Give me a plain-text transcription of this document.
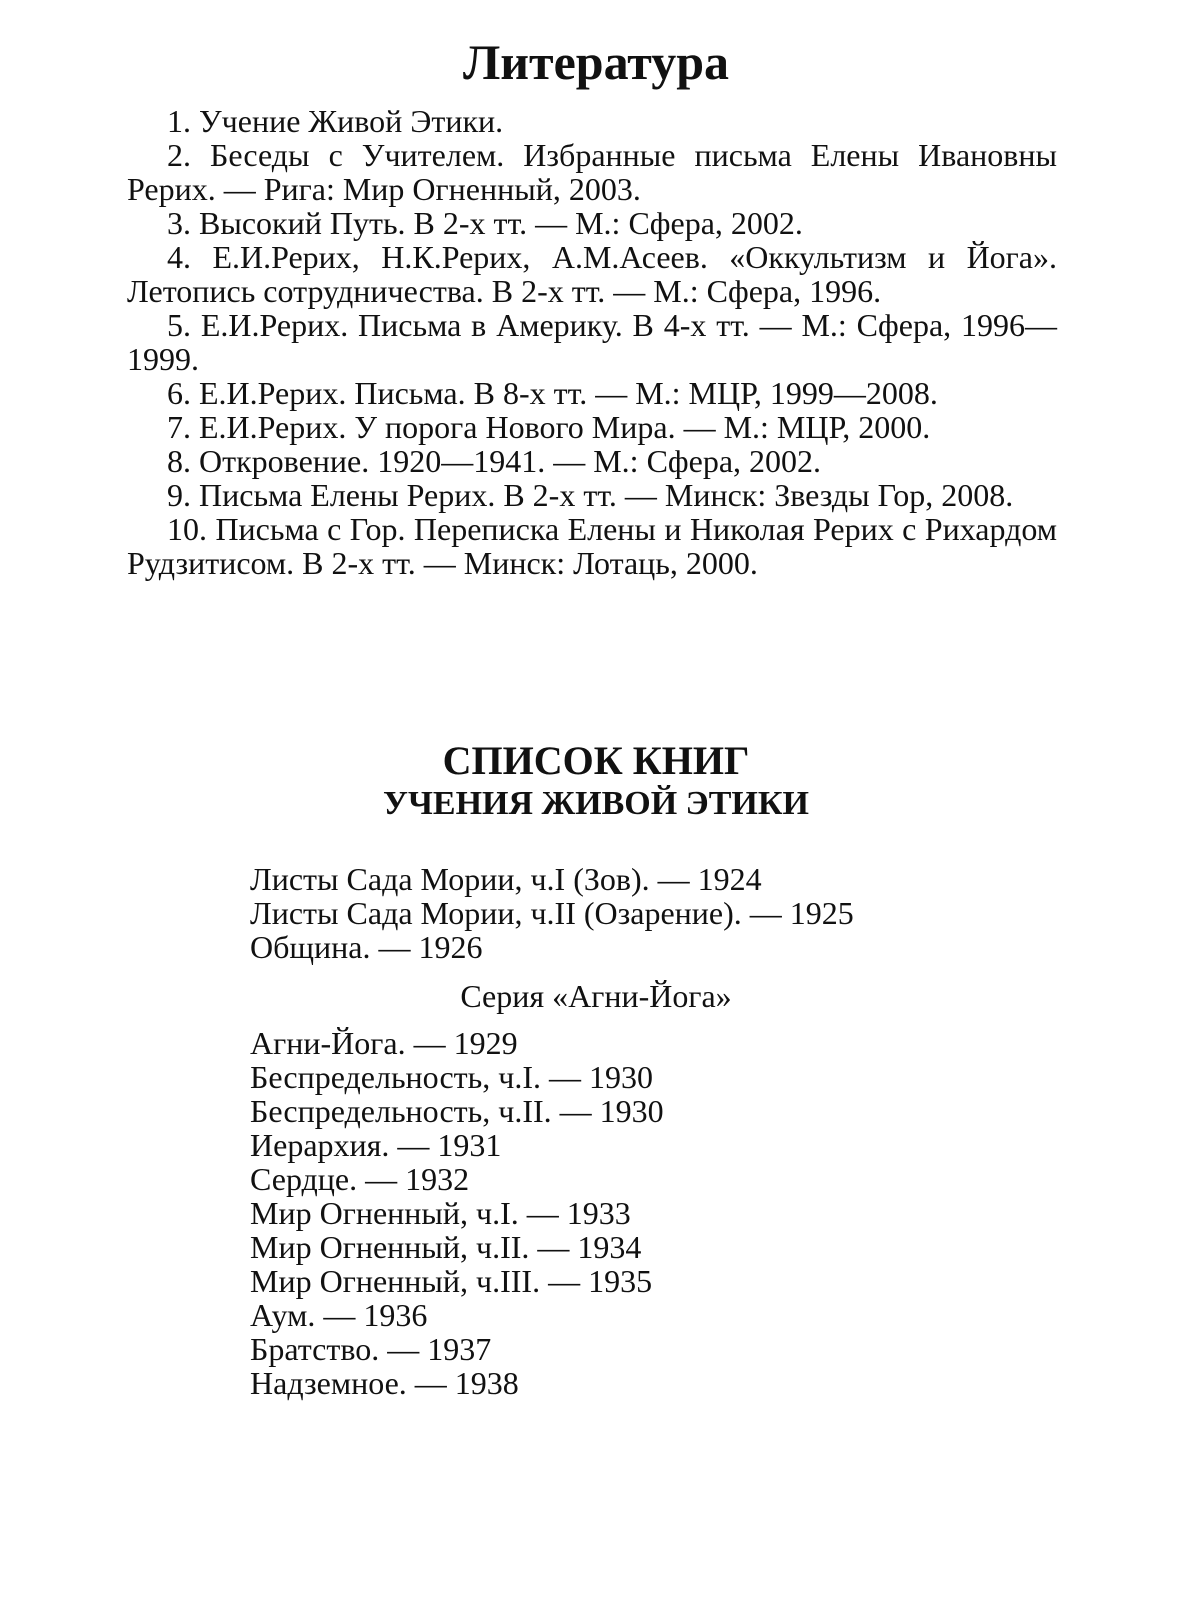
Литература
1. Учение Живой Этики.
2. Беседы с Учителем. Избранные письма Елены Ивановны Рерих. — Рига: Мир Огненный, 2003.
3. Высокий Путь. В 2-х тт. — М.: Сфера, 2002.
4. Е.И.Рерих, Н.К.Рерих, А.М.Асеев. «Оккультизм и Йога». Летопись сотрудничества. В 2-х тт. — М.: Сфера, 1996.
5. Е.И.Рерих. Письма в Америку. В 4-х тт. — М.: Сфера, 1996—1999.
6. Е.И.Рерих. Письма. В 8-х тт. — М.: МЦР, 1999—2008.
7. Е.И.Рерих. У порога Нового Мира. — М.: МЦР, 2000.
8. Откровение. 1920—1941. — М.: Сфера, 2002.
9. Письма Елены Рерих. В 2-х тт. — Минск: Звезды Гор, 2008.
10. Письма с Гор. Переписка Елены и Николая Рерих с Рихардом Рудзитисом. В 2-х тт. — Минск: Лотаць, 2000.
СПИСОК КНИГ
УЧЕНИЯ ЖИВОЙ ЭТИКИ
Листы Сада Мории, ч.I (Зов). — 1924
Листы Сада Мории, ч.II (Озарение). — 1925
Община. — 1926
Серия «Агни-Йога»
Агни-Йога. — 1929
Беспредельность, ч.I. — 1930
Беспредельность, ч.II. — 1930
Иерархия. — 1931
Сердце. — 1932
Мир Огненный, ч.I. — 1933
Мир Огненный, ч.II. — 1934
Мир Огненный, ч.III. — 1935
Аум. — 1936
Братство. — 1937
Надземное. — 1938
